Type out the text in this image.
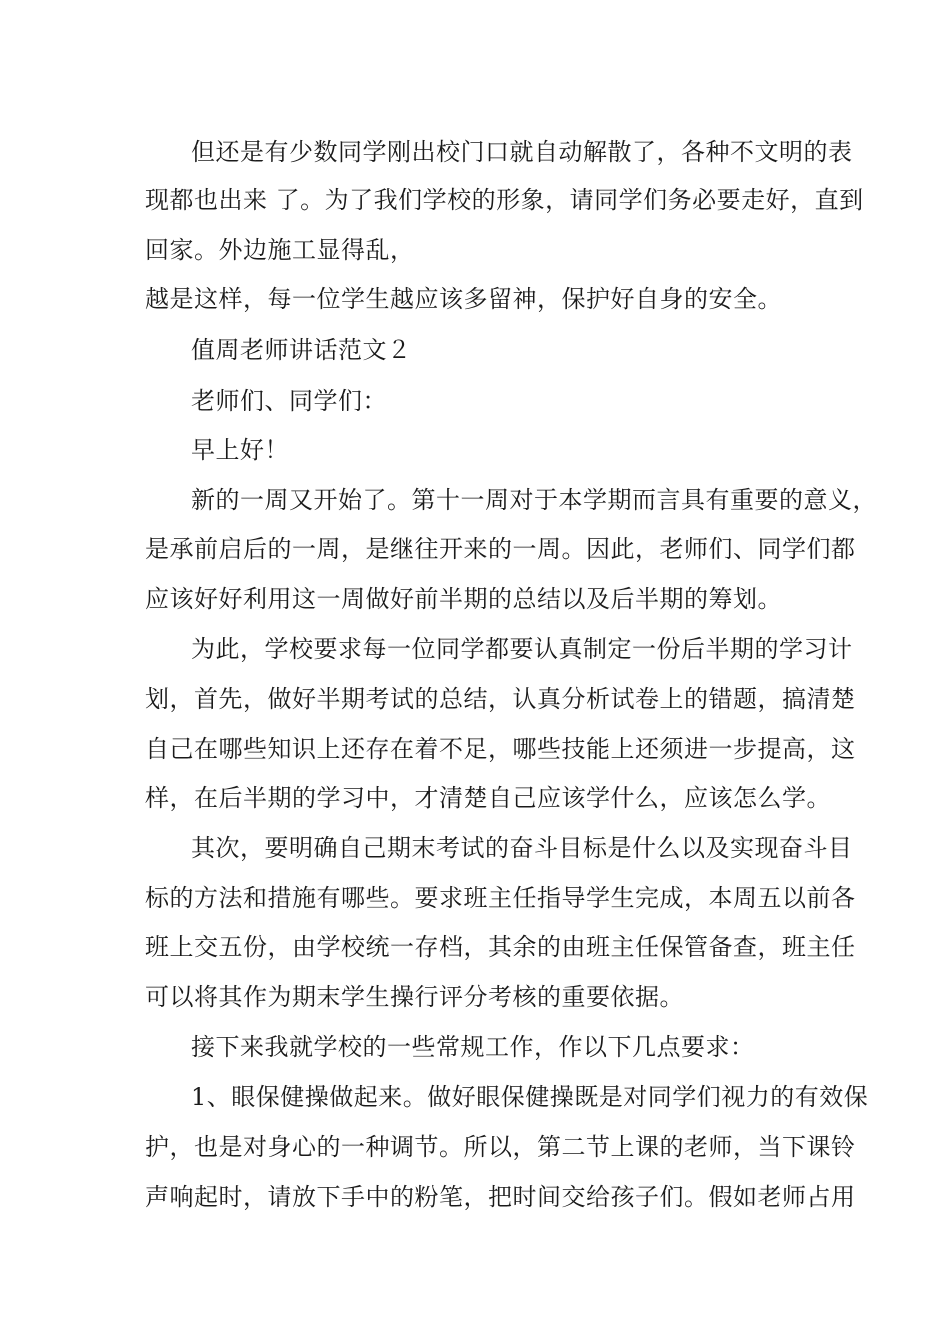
但还是有少数同学刚出校门口就自动解散了，各种不文明的表
现都也出来 了。为了我们学校的形象，请同学们务必要走好，直到
回家。外边施工显得乱，
越是这样，每一位学生越应该多留神，保护好自身的安全。
值周老师讲话范文２
老师们、同学们：
早上好！
新的一周又开始了。第十一周对于本学期而言具有重要的意义，
是承前启后的一周，是继往开来的一周。因此，老师们、同学们都
应该好好利用这一周做好前半期的总结以及后半期的筹划。
为此，学校要求每一位同学都要认真制定一份后半期的学习计
划，首先，做好半期考试的总结，认真分析试卷上的错题，搞清楚
自己在哪些知识上还存在着不足，哪些技能上还须进一步提高，这
样，在后半期的学习中，才清楚自己应该学什么，应该怎么学。
其次，要明确自己期末考试的奋斗目标是什么以及实现奋斗目
标的方法和措施有哪些。要求班主任指导学生完成，本周五以前各
班上交五份，由学校统一存档，其余的由班主任保管备查，班主任
可以将其作为期末学生操行评分考核的重要依据。
接下来我就学校的一些常规工作，作以下几点要求：
1、眼保健操做起来。做好眼保健操既是对同学们视力的有效保
护，也是对身心的一种调节。所以，第二节上课的老师，当下课铃
声响起时，请放下手中的粉笔，把时间交给孩子们。假如老师占用
